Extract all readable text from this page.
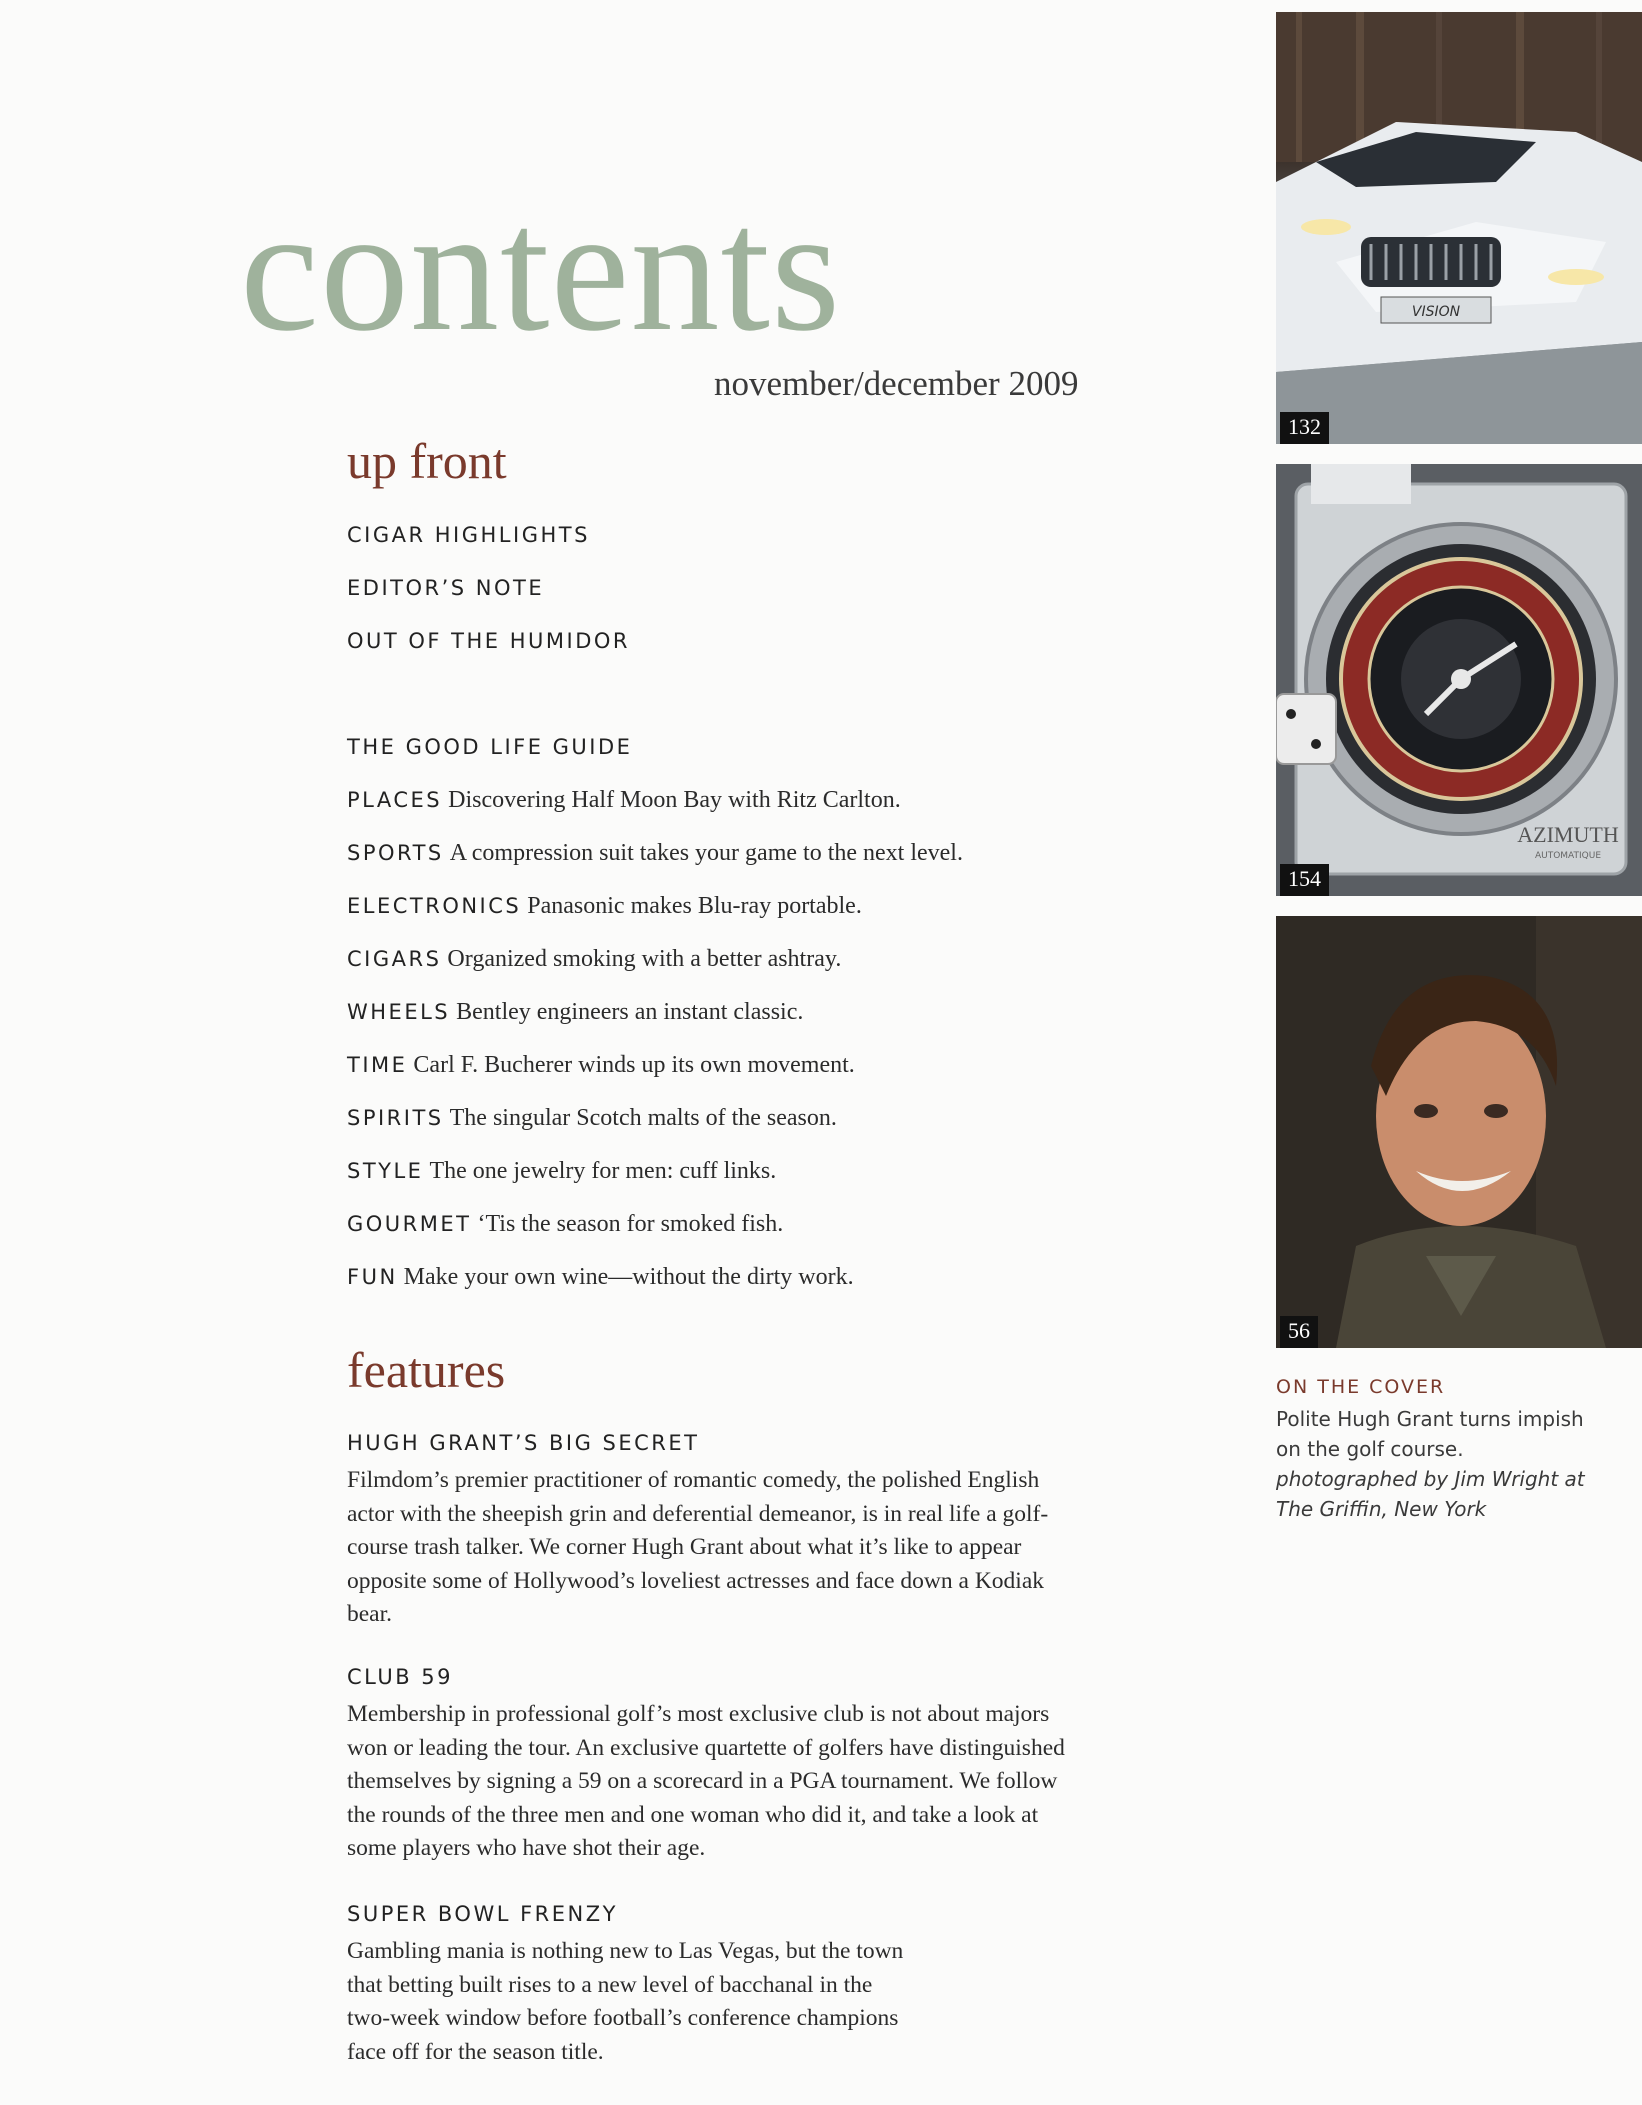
contents
november/december 2009
up front
CIGAR HIGHLIGHTS
EDITOR’S NOTE
OUT OF THE HUMIDOR
THE GOOD LIFE GUIDE
PLACES Discovering Half Moon Bay with Ritz Carlton.
SPORTS A compression suit takes your game to the next level.
ELECTRONICS Panasonic makes Blu-ray portable.
CIGARS Organized smoking with a better ashtray.
WHEELS Bentley engineers an instant classic.
TIME Carl F. Bucherer winds up its own movement.
SPIRITS The singular Scotch malts of the season.
STYLE The one jewelry for men: cuff links.
GOURMET ‘Tis the season for smoked fish.
FUN Make your own wine—without the dirty work.
features
HUGH GRANT’S BIG SECRET
Filmdom’s premier practitioner of romantic comedy, the polished English actor with the sheepish grin and deferential demeanor, is in real life a golf-course trash talker. We corner Hugh Grant about what it’s like to appear opposite some of Hollywood’s loveliest actresses and face down a Kodiak bear.
CLUB 59
Membership in professional golf’s most exclusive club is not about majors won or leading the tour. An exclusive quartette of golfers have distinguished themselves by signing a 59 on a scorecard in a PGA tournament. We follow the rounds of the three men and one woman who did it, and take a look at some players who have shot their age.
SUPER BOWL FRENZY
Gambling mania is nothing new to Las Vegas, but the town that betting built rises to a new level of bacchanal in the two-week window before football’s conference champions face off for the season title.
VISION
132
AZIMUTH
AUTOMATIQUE
154
56
ON THE COVER
Polite Hugh Grant turns impish on the golf course.
photographed by Jim Wright at The Griffin, New York
